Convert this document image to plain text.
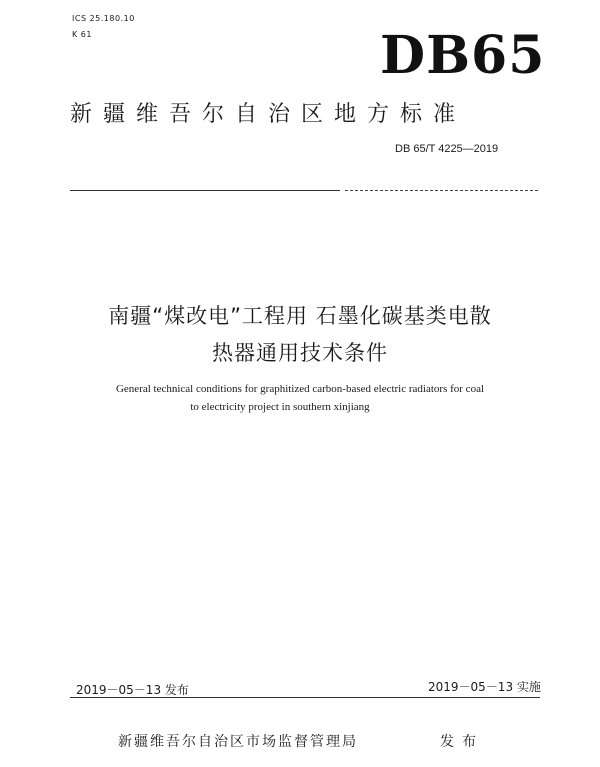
ICS 25.180.10
K 61	DB65
新疆维吾尔自治区地方标准
DB 65/T 4225—2019
南疆“煤改电”工程用 石墨化碳基类电散
热器通用技术条件
General technical conditions for graphitized carbon-based electric radiators for coal
to electricity project in southern xinjiang
2019－05－13 发布	2019－05－13 实施
新疆维吾尔自治区市场监督管理局	发布
